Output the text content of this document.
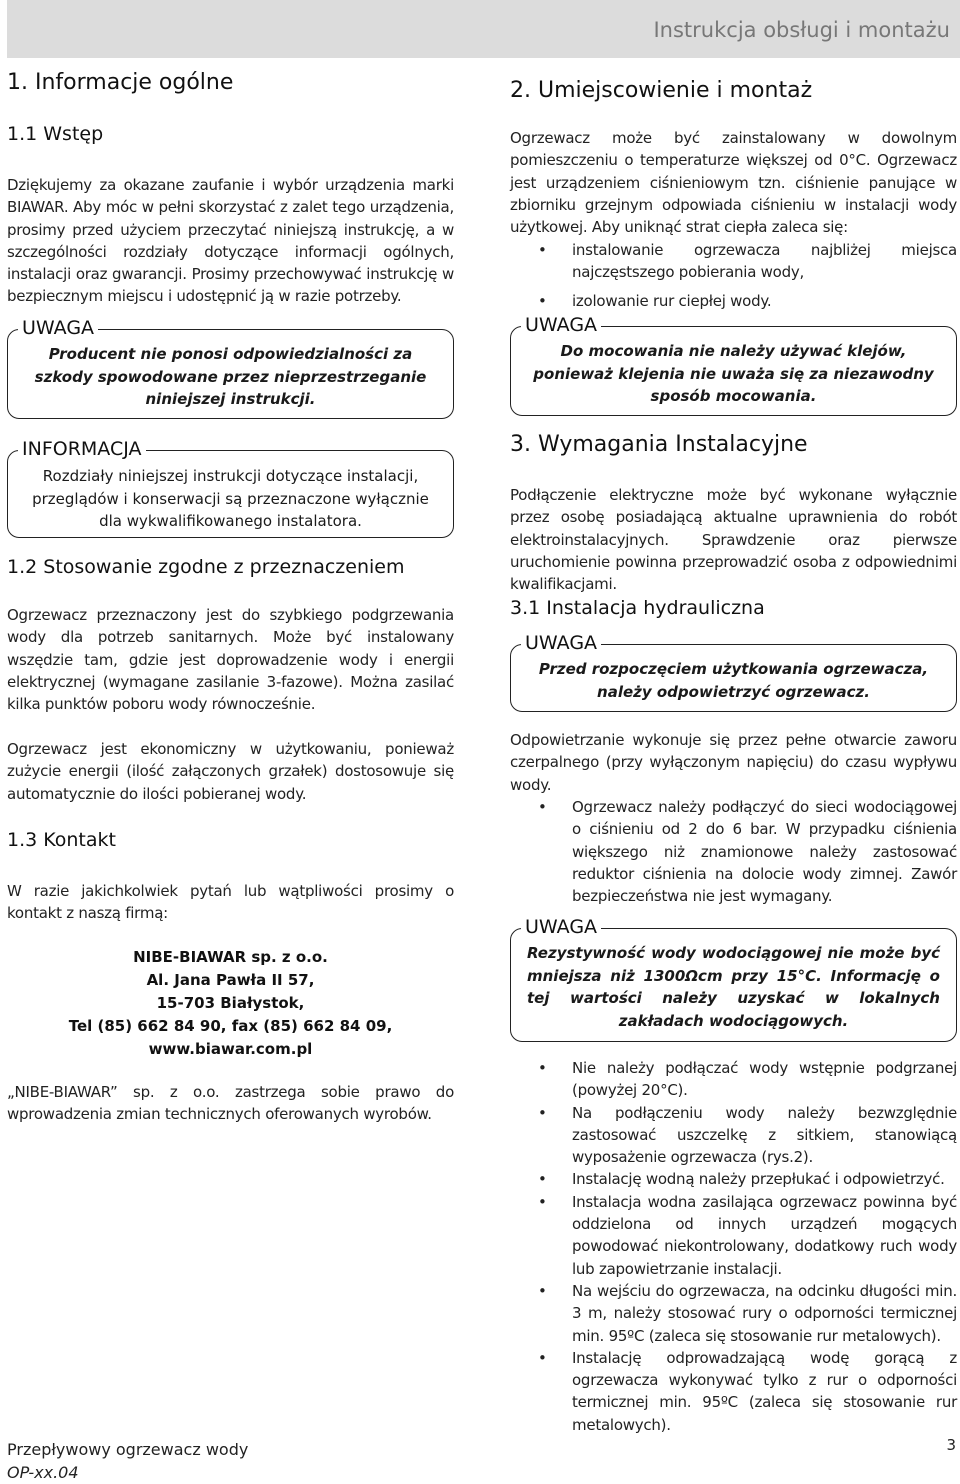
Instrukcja obsługi i montażu
1. Informacje ogólne
1.1 Wstęp

Dziękujemy za okazane zaufanie i wybór urządzenia marki BIAWAR. Aby móc w pełni skorzystać z zalet tego urządzenia, prosimy przed użyciem przeczytać niniejszą instrukcję, a w szczególności rozdziały dotyczące informacji ogólnych, instalacji oraz gwarancji. Prosimy przechowywać instrukcję w bezpiecznym miejscu i udostępnić ją w razie potrzeby.

UWAGA

Producent nie ponosi odpowiedzialności za szkody spowodowane przez nieprzestrzeganie niniejszej instrukcji.

INFORMACJA

Rozdziały niniejszej instrukcji dotyczące instalacji, przeglądów i konserwacji są przeznaczone wyłącznie dla wykwalifikowanego instalatora.

1.2 Stosowanie zgodne z przeznaczeniem

Ogrzewacz przeznaczony jest do szybkiego podgrzewania wody dla potrzeb sanitarnych. Może być instalowany wszędzie tam, gdzie jest doprowadzenie wody i energii elektrycznej (wymagane zasilanie 3-fazowe). Można zasilać kilka punktów poboru wody równocześnie.

Ogrzewacz jest ekonomiczny w użytkowaniu, ponieważ zużycie energii (ilość załączonych grzałek) dostosowuje się automatycznie do ilości pobieranej wody.

1.3 Kontakt

W razie jakichkolwiek pytań lub wątpliwości prosimy o kontakt z naszą firmą:

NIBE-BIAWAR sp. z o.o.
Al. Jana Pawła II 57,
15-703 Białystok,
Tel (85) 662 84 90, fax (85) 662 84 09,
www.biawar.com.pl

„NIBE-BIAWAR” sp. z o.o. zastrzega sobie prawo do wprowadzenia zmian technicznych oferowanych wyrobów.

2. Umiejscowienie i montaż

Ogrzewacz może być zainstalowany w dowolnym pomieszczeniu o temperaturze większej od 0°C. Ogrzewacz jest urządzeniem ciśnieniowym tzn. ciśnienie panujące w zbiorniku grzejnym odpowiada ciśnieniu w instalacji wody użytkowej. Aby uniknąć strat ciepła zaleca się:

• instalowanie ogrzewacza najbliżej miejsca najczęstszego pobierania wody,
• izolowanie rur ciepłej wody.
UWAGA

Do mocowania nie należy używać klejów, ponieważ klejenia nie uważa się za niezawodny sposób mocowania.

3. Wymagania Instalacyjne

Podłączenie elektryczne może być wykonane wyłącznie przez osobę posiadającą aktualne uprawnienia do robót elektroinstalacyjnych. Sprawdzenie oraz pierwsze uruchomienie powinna przeprowadzić osoba z odpowiednimi kwalifikacjami.

3.1 Instalacja hydrauliczna
UWAGA

Przed rozpoczęciem użytkowania ogrzewacza, należy odpowietrzyć ogrzewacz.

Odpowietrzanie wykonuje się przez pełne otwarcie zaworu czerpalnego (przy wyłączonym napięciu) do czasu wypływu wody.

• Ogrzewacz należy podłączyć do sieci wodociągowej o ciśnieniu od 2 do 6 bar. W przypadku ciśnienia większego niż znamionowe należy zastosować reduktor ciśnienia na dolocie wody zimnej. Zawór bezpieczeństwa nie jest wymagany.
UWAGA

Rezystywność wody wodociągowej nie może być mniejsza niż 1300Ωcm przy 15°C. Informację o tej wartości należy uzyskać w lokalnych zakładach wodociągowych.

• Nie należy podłączać wody wstępnie podgrzanej (powyżej 20°C).
• Na podłączeniu wody należy bezwzględnie zastosować uszczelkę z sitkiem, stanowiącą wyposażenie ogrzewacza (rys.2).
• Instalację wodną należy przepłukać i odpowietrzyć.
• Instalacja wodna zasilająca ogrzewacz powinna być oddzielona od innych urządzeń mogących powodować niekontrolowany, dodatkowy ruch wody lub zapowietrzanie instalacji.
• Na wejściu do ogrzewacza, na odcinku długości min. 3 m, należy stosować rury o odporności termicznej min. 95ºC (zaleca się stosowanie rur metalowych).
• Instalację odprowadzającą wodę gorącą z ogrzewacza wykonywać tylko z rur o odporności termicznej min. 95ºC (zaleca się stosowanie rur metalowych).
Przepływowy ogrzewacz wody
OP-xx.04
3
